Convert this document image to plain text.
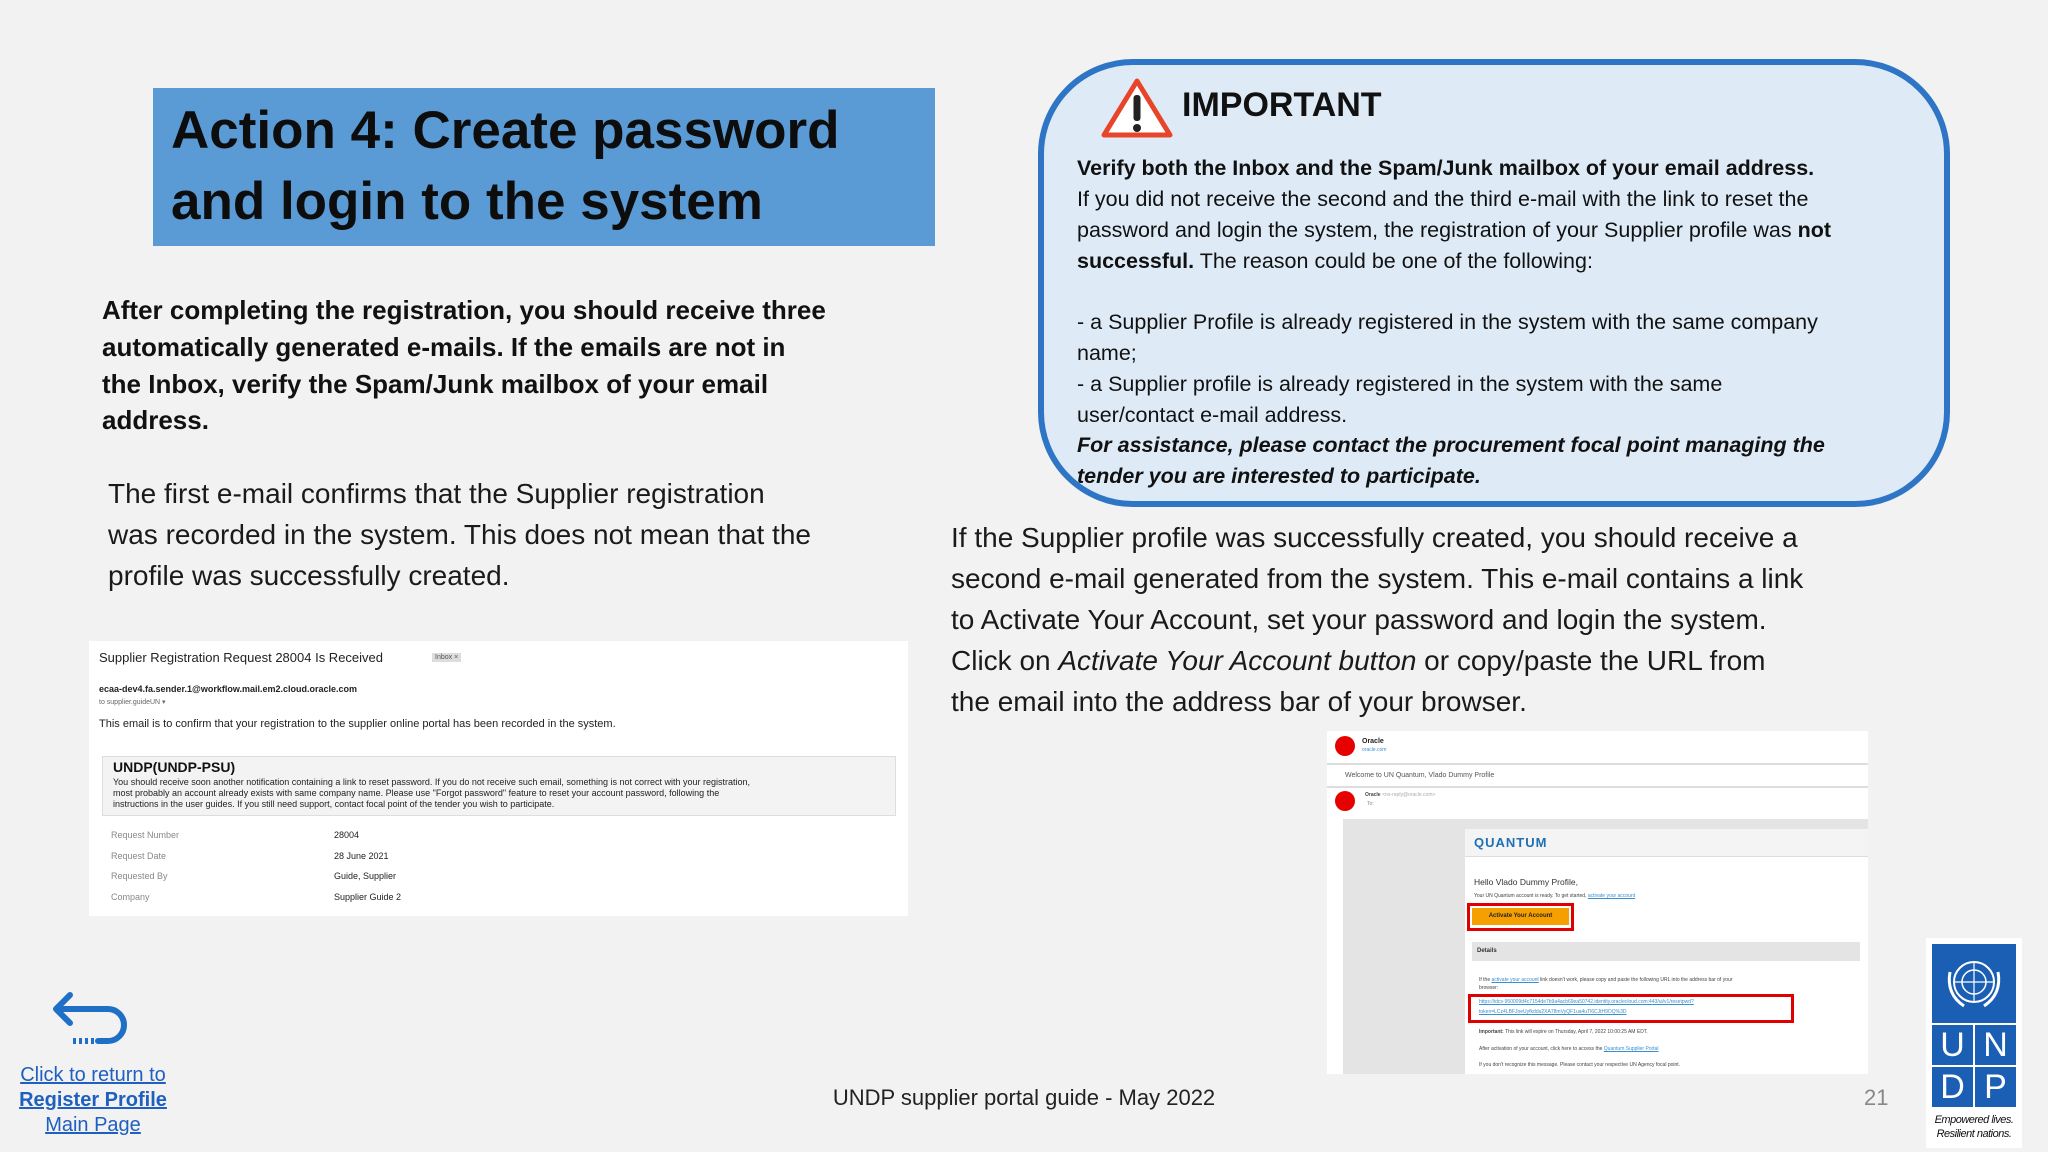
Action 4: Create password
and login to the system
After completing the registration, you should receive three
automatically generated e-mails. If the emails are not in
the Inbox, verify the Spam/Junk mailbox of your email
address.
The first e-mail confirms that the Supplier registration
was recorded in the system. This does not mean that the
profile was successfully created.
IMPORTANT
Verify both the Inbox and the Spam/Junk mailbox of your email address.
If you did not receive the second and the third e-mail with the link to reset the
password and login the system, the registration of your Supplier profile was not
successful. The reason could be one of the following:
- a Supplier Profile is already registered in the system with the same company
name;
- a Supplier profile is already registered in the system with the same
user/contact e-mail address.
For assistance, please contact the procurement focal point managing the
tender you are interested to participate.
If the Supplier profile was successfully created, you should receive a
second e-mail generated from the system. This e-mail contains a link
to Activate Your Account, set your password and login the system.
Click on Activate Your Account button or copy/paste the URL from
the email into the address bar of your browser.
Supplier Registration Request 28004 Is Received	Inbox ×
ecaa-dev4.fa.sender.1@workflow.mail.em2.cloud.oracle.com
to supplier.guideUN ▾
This email is to confirm that your registration to the supplier online portal has been recorded in the system.
UNDP(UNDP-PSU)
You should receive soon another notification containing a link to reset password. If you do not receive such email, something is not correct with your registration,
most probably an account already exists with same company name. Please use "Forgot password" feature to reset your account password, following the
instructions in the user guides. If you still need support, contact focal point of the tender you wish to participate.
Request Number	28004
Request Date	28 June 2021
Requested By	Guide, Supplier
Company	Supplier Guide 2
Oracle
oracle.com
Welcome to UN Quantum, Vlado Dummy Profile
Oracle <no-reply@oracle.com>
To:
QUANTUM
Hello Vlado Dummy Profile,
Your UN Quantum account is ready. To get started, activate your account
Activate Your Account
Details
If the activate your account link doesn't work, please copy and paste the following URL into the address bar of your
browser:
https://idcs-950009d4c7154de7b9a4acb69ea50742.identity.oraclecloud.com:443/ui/v1/resetpwd?
token=LCz4LBFJoeUyfkddu2XA78mVyQF1ua4uTl6CJtH9OQ%3D
Important: This link will expire on Thursday, April 7, 2022 10:00:25 AM EDT.
After activation of your account, click here to access the Quantum Supplier Portal
If you don't recognize this message. Please contact your respective UN Agency focal point.
Click to return to
Register Profile
Main Page
UNDP supplier portal guide - May 2022	21
U N
D P
Empowered lives.
Resilient nations.
